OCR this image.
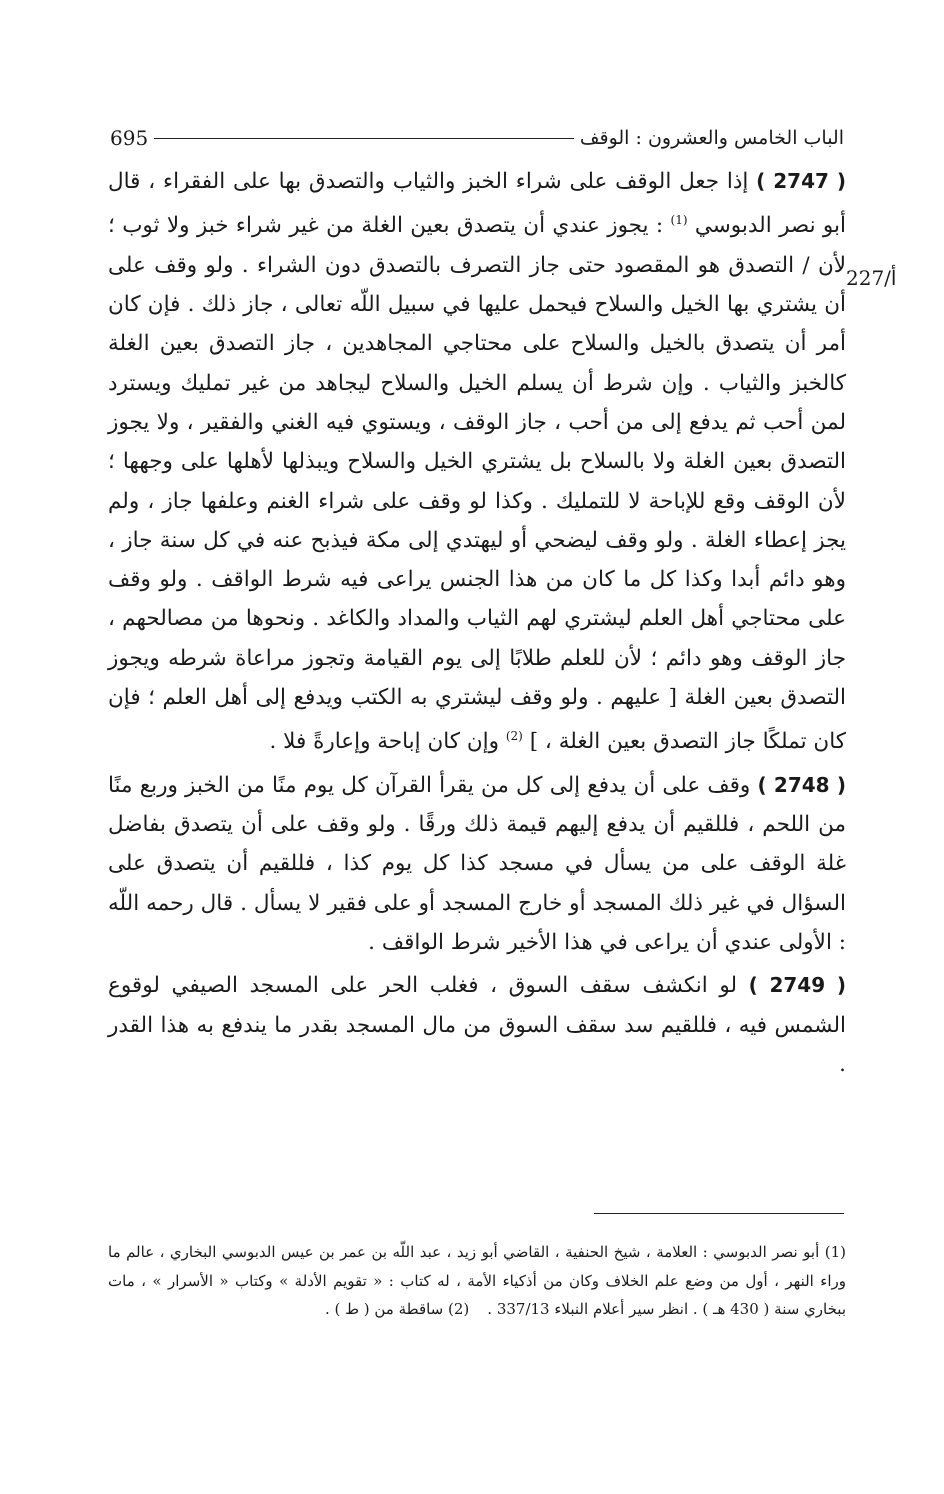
الباب الخامس والعشرون : الوقف
695
227/أ

( 2747 ) إذا جعل الوقف على شراء الخبز والثياب والتصدق بها على الفقراء ، قال أبو نصر الدبوسي $^{(1)}$ : يجوز عندي أن يتصدق بعين الغلة من غير شراء خبز ولا ثوب ؛ لأن / التصدق هو المقصود حتى جاز التصرف بالتصدق دون الشراء . ولو وقف على أن يشتري بها الخيل والسلاح فيحمل عليها في سبيل اللّه تعالى ، جاز ذلك . فإن كان أمر أن يتصدق بالخيل والسلاح على محتاجي المجاهدين ، جاز التصدق بعين الغلة كالخبز والثياب . وإن شرط أن يسلم الخيل والسلاح ليجاهد من غير تمليك ويسترد لمن أحب ثم يدفع إلى من أحب ، جاز الوقف ، ويستوي فيه الغني والفقير ، ولا يجوز التصدق بعين الغلة ولا بالسلاح بل يشتري الخيل والسلاح ويبذلها لأهلها على وجهها ؛ لأن الوقف وقع للإباحة لا للتمليك . وكذا لو وقف على شراء الغنم وعلفها جاز ، ولم يجز إعطاء الغلة . ولو وقف ليضحي أو ليهتدي إلى مكة فيذبح عنه في كل سنة جاز ، وهو دائم أبدا وكذا كل ما كان من هذا الجنس يراعى فيه شرط الواقف . ولو وقف على محتاجي أهل العلم ليشتري لهم الثياب والمداد والكاغد . ونحوها من مصالحهم ، جاز الوقف وهو دائم ؛ لأن للعلم طلابًا إلى يوم القيامة وتجوز مراعاة شرطه ويجوز التصدق بعين الغلة [ عليهم . ولو وقف ليشتري به الكتب ويدفع إلى أهل العلم ؛ فإن كان تملكًا جاز التصدق بعين الغلة ، ] $^{(2)}$ وإن كان إباحة وإعارةً فلا .

( 2748 ) وقف على أن يدفع إلى كل من يقرأ القرآن كل يوم منًا من الخبز وربع منًا من اللحم ، فللقيم أن يدفع إليهم قيمة ذلك ورقًا . ولو وقف على أن يتصدق بفاضل غلة الوقف على من يسأل في مسجد كذا كل يوم كذا ، فللقيم أن يتصدق على السؤال في غير ذلك المسجد أو خارج المسجد أو على فقير لا يسأل . قال رحمه اللّه : الأولى عندي أن يراعى في هذا الأخير شرط الواقف .

( 2749 ) لو انكشف سقف السوق ، فغلب الحر على المسجد الصيفي لوقوع الشمس فيه ، فللقيم سد سقف السوق من مال المسجد بقدر ما يندفع به هذا القدر .

(1) أبو نصر الدبوسي : العلامة ، شيخ الحنفية ، القاضي أبو زيد ، عبد اللّه بن عمر بن عيس الدبوسي البخاري ، عالم ما وراء النهر ، أول من وضع علم الخلاف وكان من أذكياء الأمة ، له كتاب : « تقويم الأدلة » وكتاب « الأسرار » ، مات ببخاري سنة ( 430 هـ ) . انظر سير أعلام النبلاء 337/13 .(2) ساقطة من ( ط ) .
